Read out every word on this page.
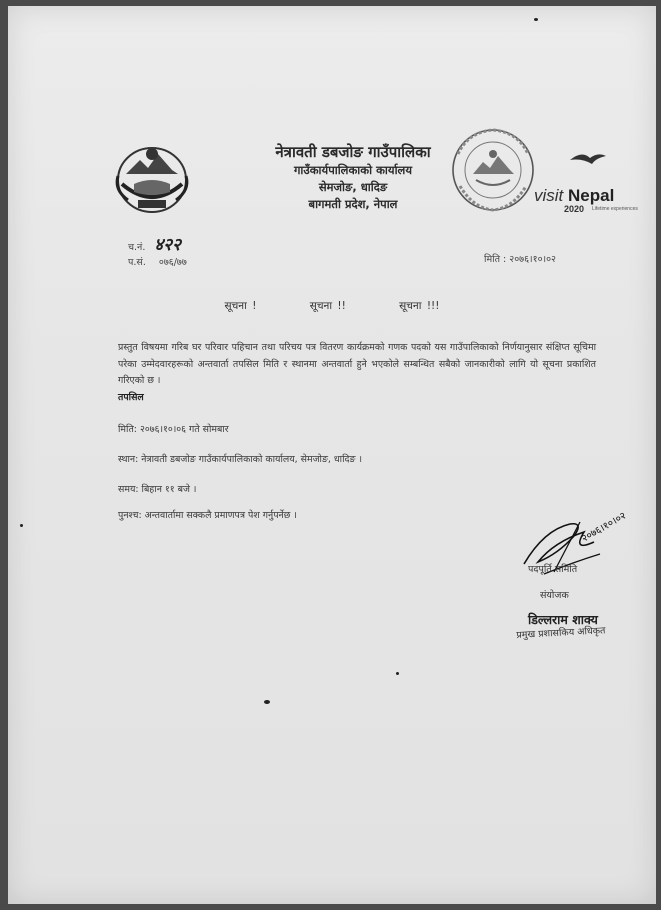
नेत्रावती डबजोङ गाउँपालिका
गाउँकार्यपालिकाको कार्यालय
सेमजोङ, धादिङ
बागमती प्रदेश, नेपाल	visit Nepal
2020 Lifetime experiences
च.नं. ४२२
प.सं. ०७६/७७	मिति : २०७६।१०।०२
सूचना !	सूचना !!	सूचना !!!
प्रस्तुत विषयमा गरिब घर परिवार पहिचान तथा परिचय पत्र वितरण कार्यक्रमको गणक पदको यस गाउँपालिकाको निर्णयानुसार संक्षिप्त सूचिमा परेका उम्मेदवारहरूको अन्तवार्ता तपसिल मिति र स्थानमा अन्तवार्ता हुने भएकोले सम्बन्धित सबैको जानकारीको लागि यो सूचना प्रकाशित गरिएको छ ।
तपसिल
मिति: २०७६।१०।०६ गते सोमबार
स्थान: नेत्रावती डबजोङ गाउँकार्यपालिकाको कार्यालय, सेमजोङ, धादिङ ।
समय: बिहान ११ बजे ।
पुनश्च: अन्तवार्तामा सक्कलै प्रमाणपत्र पेश गर्नुपर्नेछ ।	२०७६।१०।०२
पदपूर्ति समिति
संयोजक
डिल्लराम शाक्य
प्रमुख प्रशासकिय अधिकृत
